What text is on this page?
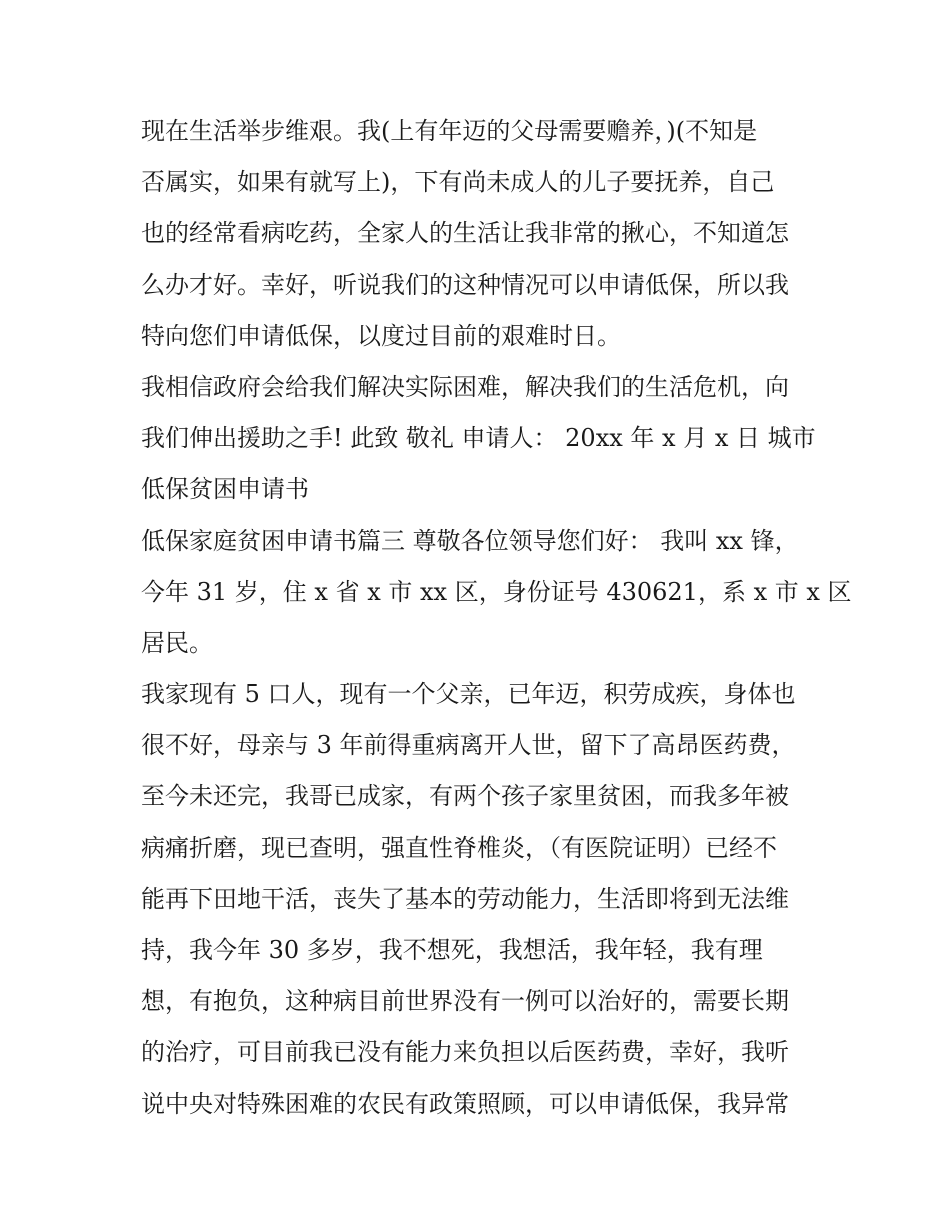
现在生活举步维艰。我(上有年迈的父母需要赡养，)(不知是

否属实，如果有就写上)，下有尚未成人的儿子要抚养，自己

也的经常看病吃药，全家人的生活让我非常的揪心，不知道怎

么办才好。幸好，听说我们的这种情况可以申请低保，所以我

特向您们申请低保，以度过目前的艰难时日。

我相信政府会给我们解决实际困难，解决我们的生活危机，向

我们伸出援助之手! 此致 敬礼 申请人： 20xx 年 x 月 x 日 城市

低保贫困申请书

低保家庭贫困申请书篇三 尊敬各位领导您们好： 我叫 xx 锋，

今年 31 岁，住 x 省 x 市 xx 区，身份证号 430621，系 x 市 x 区

居民。

我家现有 5 口人，现有一个父亲，已年迈，积劳成疾，身体也

很不好，母亲与 3 年前得重病离开人世，留下了高昂医药费，

至今未还完，我哥已成家，有两个孩子家里贫困，而我多年被

病痛折磨，现已查明，强直性脊椎炎，（有医院证明）已经不

能再下田地干活，丧失了基本的劳动能力，生活即将到无法维

持，我今年 30 多岁，我不想死，我想活，我年轻，我有理

想，有抱负，这种病目前世界没有一例可以治好的，需要长期

的治疗，可目前我已没有能力来负担以后医药费，幸好，我听

说中央对特殊困难的农民有政策照顾，可以申请低保，我异常
